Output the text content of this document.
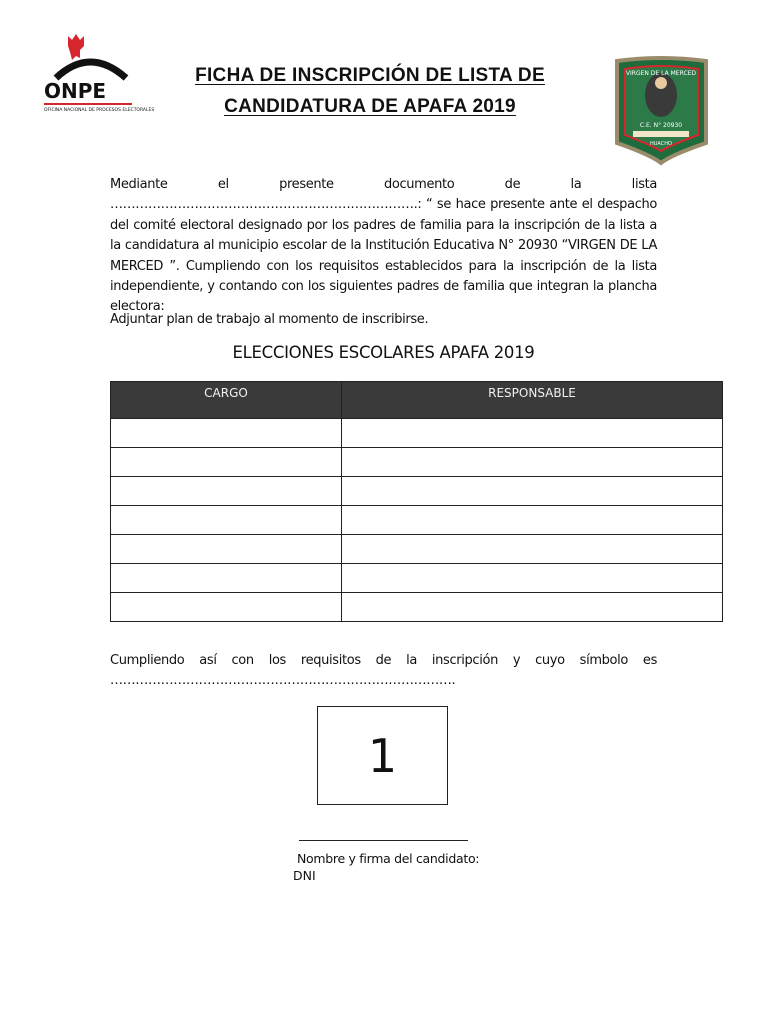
ONPE
OFICINA NACIONAL DE PROCESOS ELECTORALES
FICHA DE INSCRIPCIÓN DE LISTA DE
CANDIDATURA DE APAFA 2019
VIRGEN DE LA MERCED
C.E. N° 20930
HUACHO
Mediante el presente documento de la lista ……………………………………………………………….: “ se hace presente ante el despacho del comité electoral designado por los padres de familia para la inscripción de la lista a la candidatura al municipio escolar de la Institución Educativa N° 20930 “VIRGEN DE LA MERCED ”. Cumpliendo con los requisitos establecidos para la inscripción de la lista independiente, y contando con los siguientes padres de familia que integran la plancha electora:
Adjuntar plan de trabajo al momento de inscribirse.
ELECCIONES ESCOLARES APAFA 2019
CARGO	RESPONSABLE

Cumpliendo así con los requisitos de la inscripción y cuyo símbolo es ……………………………………………………………………….
1
Nombre y firma del candidato:
DNI
